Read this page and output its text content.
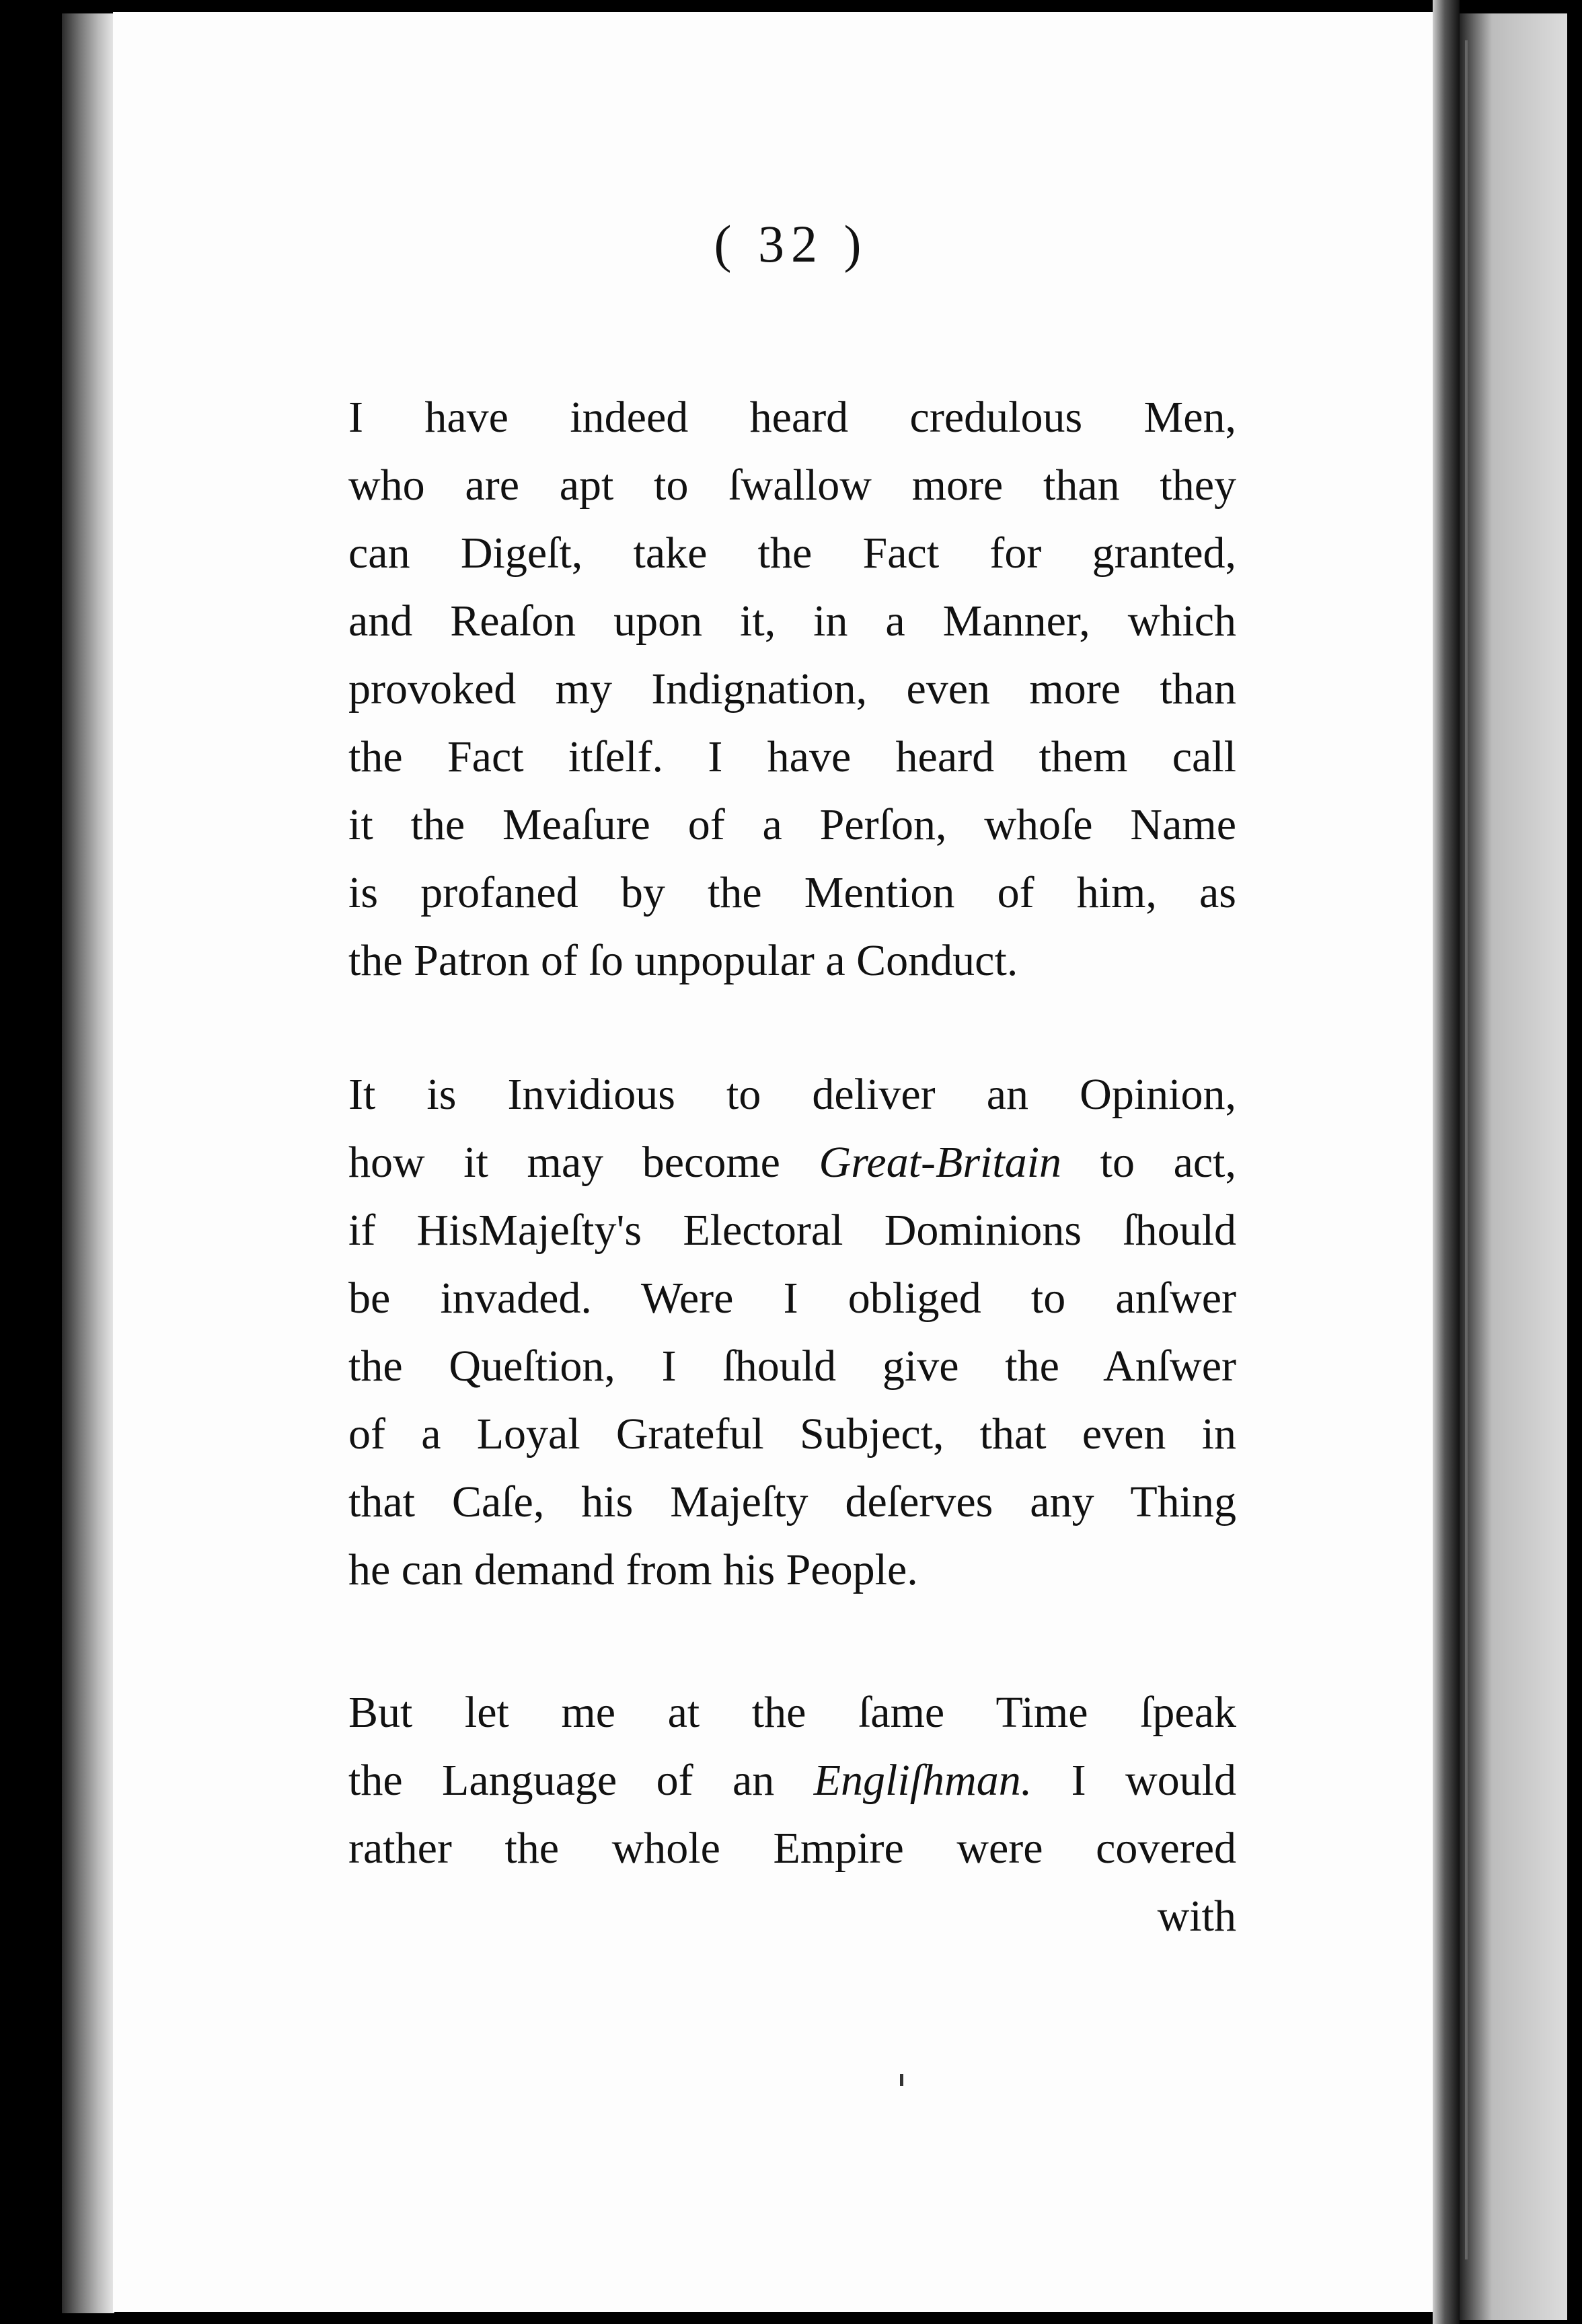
( 32 )
I have indeed heard credulous Men,
who are apt to ſwallow more than they
can Digeſt, take the Fact for granted,
and Reaſon upon it, in a Manner, which
provoked my Indignation, even more than
the Fact itſelf. I have heard them call
it the Meaſure of a Perſon, whoſe Name
is profaned by the Mention of him, as
the Patron of ſo unpopular a Conduct.
It is Invidious to deliver an Opinion,
how it may become Great-Britain to act,
if HisMajeſty's Electoral Dominions ſhould
be invaded. Were I obliged to anſwer
the Queſtion, I ſhould give the Anſwer
of a Loyal Grateful Subject, that even in
that Caſe, his Majeſty deſerves any Thing
he can demand from his People.
But let me at the ſame Time ſpeak
the Language of an Engliſhman. I would
rather the whole Empire were covered
with
